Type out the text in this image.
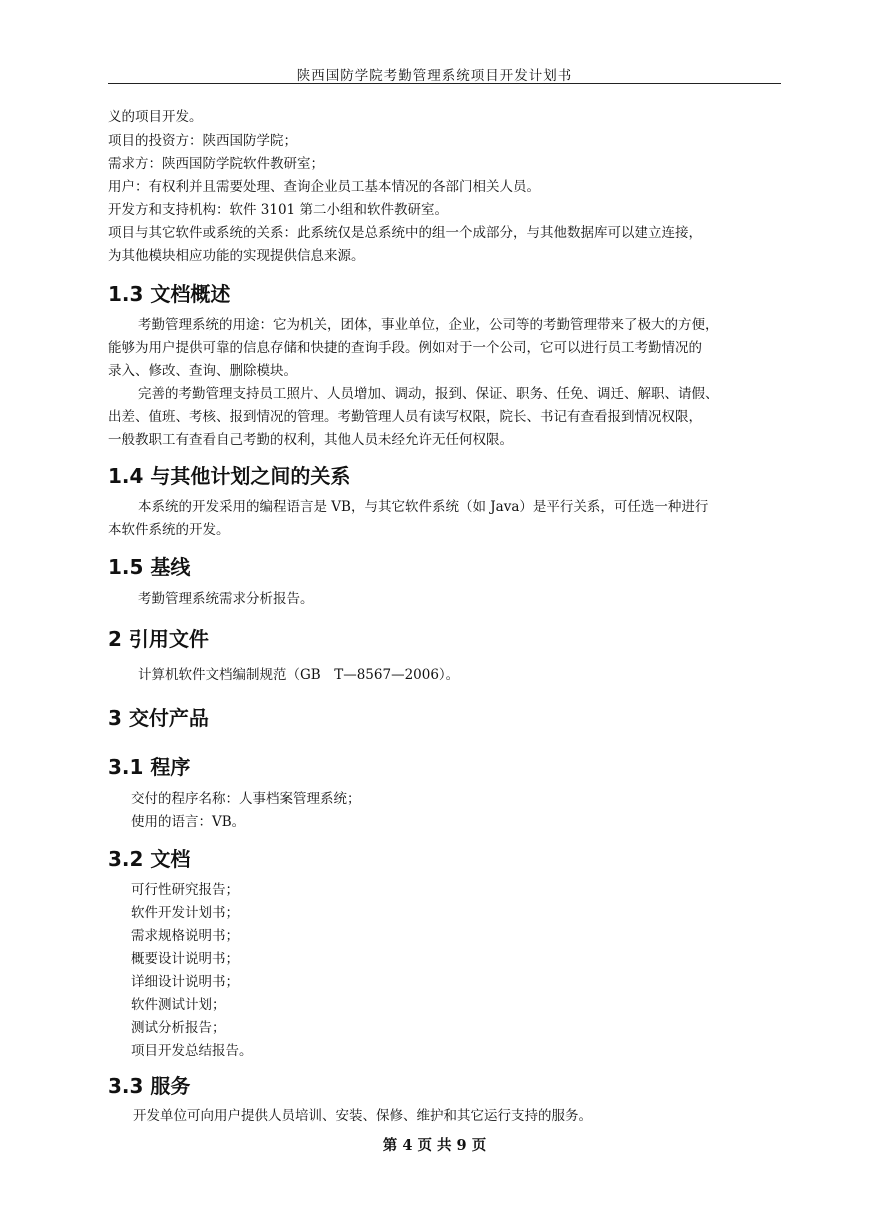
陕西国防学院考勤管理系统项目开发计划书
义的项目开发。
项目的投资方：陕西国防学院；
需求方：陕西国防学院软件教研室；
用户：有权利并且需要处理、查询企业员工基本情况的各部门相关人员。
开发方和支持机构：软件 3101 第二小组和软件教研室。
项目与其它软件或系统的关系：此系统仅是总系统中的组一个成部分，与其他数据库可以建立连接，
为其他模块相应功能的实现提供信息来源。
1.3 文档概述
考勤管理系统的用途：它为机关，团体，事业单位，企业，公司等的考勤管理带来了极大的方便，
能够为用户提供可靠的信息存储和快捷的查询手段。例如对于一个公司，它可以进行员工考勤情况的
录入、修改、查询、删除模块。
完善的考勤管理支持员工照片、人员增加、调动，报到、保证、职务、任免、调迁、解职、请假、
出差、值班、考核、报到情况的管理。考勤管理人员有读写权限，院长、书记有查看报到情况权限，
一般教职工有查看自己考勤的权利，其他人员未经允许无任何权限。
1.4 与其他计划之间的关系
本系统的开发采用的编程语言是 VB，与其它软件系统（如 Java）是平行关系，可任选一种进行
本软件系统的开发。
1.5 基线
考勤管理系统需求分析报告。
2 引用文件
计算机软件文档编制规范（GB　T—8567—2006）。
3 交付产品
3.1 程序
交付的程序名称：人事档案管理系统；
使用的语言：VB。
3.2 文档
可行性研究报告；
软件开发计划书；
需求规格说明书；
概要设计说明书；
详细设计说明书；
软件测试计划；
测试分析报告；
项目开发总结报告。
3.3 服务
开发单位可向用户提供人员培训、安装、保修、维护和其它运行支持的服务。
第 4 页 共 9 页
